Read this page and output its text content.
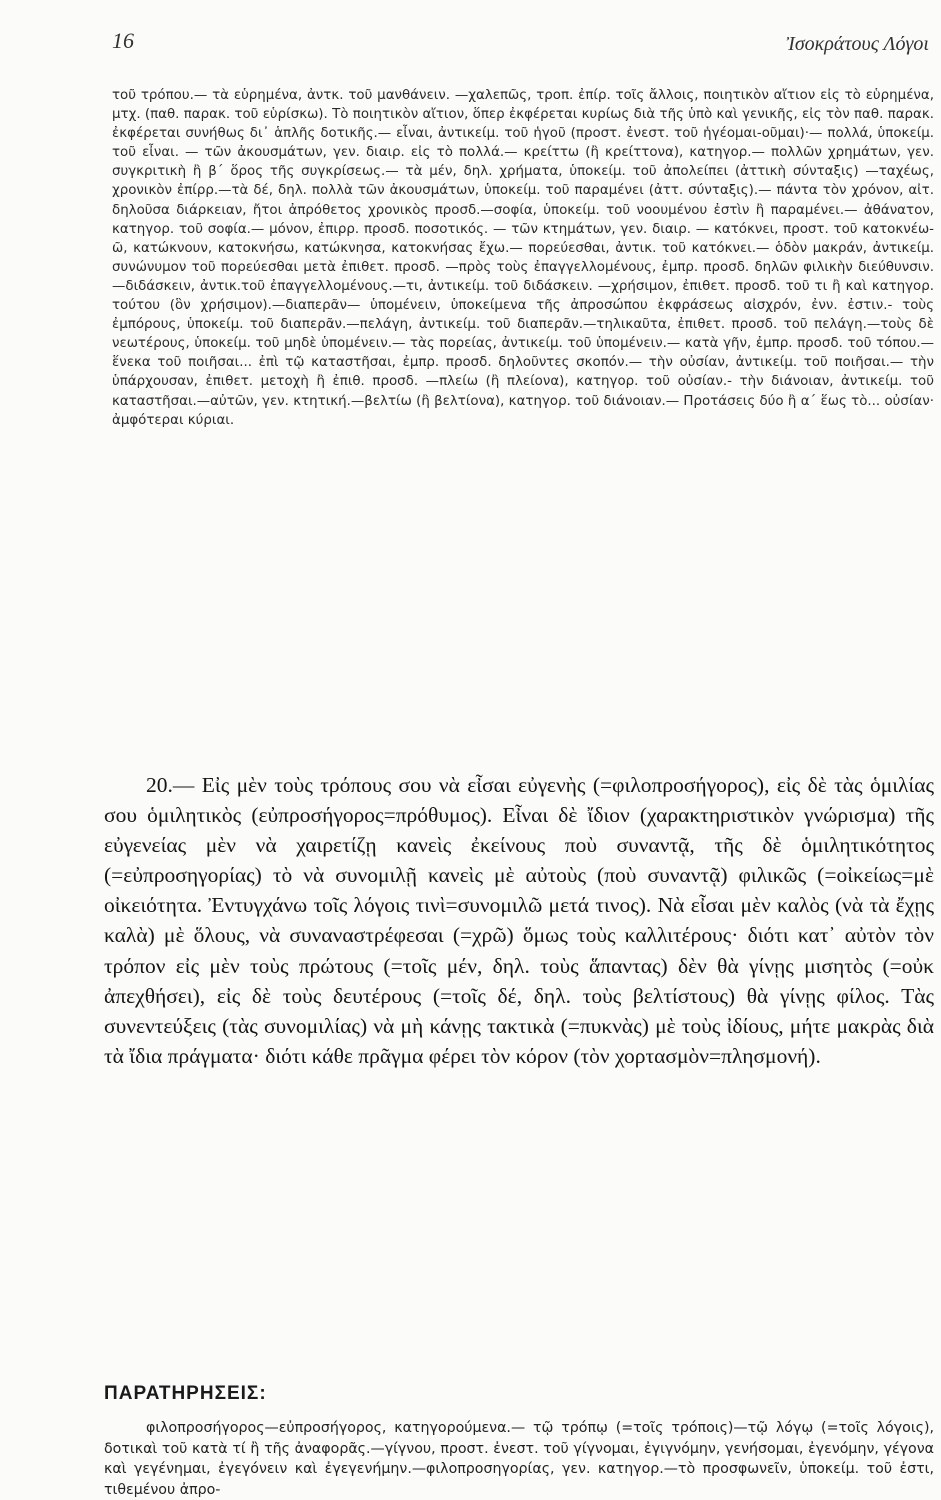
16	Ἰσοκράτους Λόγοι

τοῦ τρόπου.— τὰ εὑρημένα, ἀντκ. τοῦ μανθάνειν. —χαλεπῶς, τροπ. ἐπίρ. τοῖς ἄλλοις, ποιητικὸν αἴτιον εἰς τὸ εὑρημένα, μτχ. (παθ. παρακ. τοῦ εὑρίσκω). Τὸ ποιητικὸν αἴτιον, ὅπερ ἐκφέρεται κυρίως διὰ τῆς ὑπὸ καὶ γενικῆς, εἰς τὸν παθ. παρακ. ἐκφέρεται συνήθως δι᾽ ἁπλῆς δοτικῆς.— εἶναι, ἀντικείμ. τοῦ ἡγοῦ (προστ. ἐνεστ. τοῦ ἡγέομαι-οῦμαι)·— πολλά, ὑποκείμ. τοῦ εἶναι. — τῶν ἀκουσμάτων, γεν. διαιρ. εἰς τὸ πολλά.— κρείττω (ἢ κρείττονα), κατηγορ.— πολλῶν χρημάτων, γεν. συγκριτικὴ ἢ β´ ὅρος τῆς συγκρίσεως.— τὰ μέν, δηλ. χρήματα, ὑποκείμ. τοῦ ἀπολείπει (ἀττικὴ σύνταξις) —ταχέως, χρονικὸν ἐπίρρ.—τὰ δέ, δηλ. πολλὰ τῶν ἀκουσμάτων, ὑποκείμ. τοῦ παραμένει (ἀττ. σύνταξις).— πάντα τὸν χρόνον, αἰτ. δηλοῦσα διάρκειαν, ἤτοι ἀπρόθετος χρονικὸς προσδ.—σοφία, ὑποκείμ. τοῦ νοουμένου ἐστὶν ἢ παραμένει.— ἀθάνατον, κατηγορ. τοῦ σοφία.— μόνον, ἐπιρρ. προσδ. ποσοτικός. — τῶν κτημάτων, γεν. διαιρ. — κατόκνει, προστ. τοῦ κατοκνέω-ῶ, κατώκνουν, κατοκνήσω, κατώκνησα, κατοκνήσας ἔχω.— πορεύεσθαι, ἀντικ. τοῦ κατόκνει.— ὁδὸν μακράν, ἀντικείμ. συνώνυμον τοῦ πορεύεσθαι μετὰ ἐπιθετ. προσδ. —πρὸς τοὺς ἐπαγγελλομένους, ἐμπρ. προσδ. δηλῶν φιλικὴν διεύθυνσιν. —διδάσκειν, ἀντικ.τοῦ ἐπαγγελλομένους.—τι, ἀντικείμ. τοῦ διδάσκειν. —χρήσιμον, ἐπιθετ. προσδ. τοῦ τι ἢ καὶ κατηγορ. τούτου (ὃν χρήσιμον).—διαπερᾶν— ὑπομένειν, ὑποκείμενα τῆς ἀπροσώπου ἐκφράσεως αἰσχρόν, ἐνν. ἐστιν.- τοὺς ἐμπόρους, ὑποκείμ. τοῦ διαπερᾶν.—πελάγη, ἀντικείμ. τοῦ διαπερᾶν.—τηλικαῦτα, ἐπιθετ. προσδ. τοῦ πελάγη.—τοὺς δὲ νεωτέρους, ὑποκείμ. τοῦ μηδὲ ὑπομένειν.— τὰς πορείας, ἀντικείμ. τοῦ ὑπομένειν.— κατὰ γῆν, ἐμπρ. προσδ. τοῦ τόπου.—ἕνεκα τοῦ ποιῆσαι... ἐπὶ τῷ καταστῆσαι, ἐμπρ. προσδ. δηλοῦντες σκοπόν.— τὴν οὐσίαν, ἀντικείμ. τοῦ ποιῆσαι.— τὴν ὑπάρχουσαν, ἐπιθετ. μετοχὴ ἢ ἐπιθ. προσδ. —πλείω (ἢ πλείονα), κατηγορ. τοῦ οὐσίαν.- τὴν διάνοιαν, ἀντικείμ. τοῦ καταστῆσαι.—αὐτῶν, γεν. κτητική.—βελτίω (ἢ βελτίονα), κατηγορ. τοῦ διάνοιαν.— Προτάσεις δύο ἢ α´ ἕως τὸ... οὐσίαν· ἀμφότεραι κύριαι.

20.— Εἰς μὲν τοὺς τρόπους σου νὰ εἶσαι εὐγενὴς (=φιλοπροσήγορος), εἰς δὲ τὰς ὁμιλίας σου ὁμιλητικὸς (εὐπροσήγορος=πρόθυμος). Εἶναι δὲ ἴδιον (χαρακτηριστικὸν γνώρισμα) τῆς εὐγενείας μὲν νὰ χαιρετίζῃ κανεὶς ἐκείνους ποὺ συναντᾷ, τῆς δὲ ὁμιλητικότητος (=εὐπροσηγορίας) τὸ νὰ συνομιλῇ κανεὶς μὲ αὐτοὺς (ποὺ συναντᾷ) φιλικῶς (=οἰκείως=μὲ οἰκειότητα. Ἐντυγχάνω τοῖς λόγοις τινὶ=συνομιλῶ μετά τινος). Νὰ εἶσαι μὲν καλὸς (νὰ τὰ ἔχῃς καλὰ) μὲ ὅλους, νὰ συναναστρέφεσαι (=χρῶ) ὅμως τοὺς καλλιτέρους· διότι κατ᾽ αὐτὸν τὸν τρόπον εἰς μὲν τοὺς πρώτους (=τοῖς μέν, δηλ. τοὺς ἅπαντας) δὲν θὰ γίνῃς μισητὸς (=οὐκ ἀπεχθήσει), εἰς δὲ τοὺς δευτέρους (=τοῖς δέ, δηλ. τοὺς βελτίστους) θὰ γίνῃς φίλος. Τὰς συνεντεύξεις (τὰς συνομιλίας) νὰ μὴ κάνῃς τακτικὰ (=πυκνὰς) μὲ τοὺς ἰδίους, μήτε μακρὰς διὰ τὰ ἴδια πράγματα· διότι κάθε πρᾶγμα φέρει τὸν κόρον (τὸν χορτασμὸν=πλησμονή).

ΠΑΡΑΤΗΡΗΣΕΙΣ:

φιλοπροσήγορος—εὐπροσήγορος, κατηγορούμενα.— τῷ τρόπῳ (=τοῖς τρόποις)—τῷ λόγῳ (=τοῖς λόγοις), δοτικαὶ τοῦ κατὰ τί ἢ τῆς ἀναφορᾶς.—γίγνου, προστ. ἐνεστ. τοῦ γίγνομαι, ἐγιγνόμην, γενήσομαι, ἐγενόμην, γέγονα καὶ γεγένημαι, ἐγεγόνειν καὶ ἐγεγενήμην.—φιλοπροσηγορίας, γεν. κατηγορ.—τὸ προσφωνεῖν, ὑποκείμ. τοῦ ἐστι, τιθεμένου ἀπρο-
